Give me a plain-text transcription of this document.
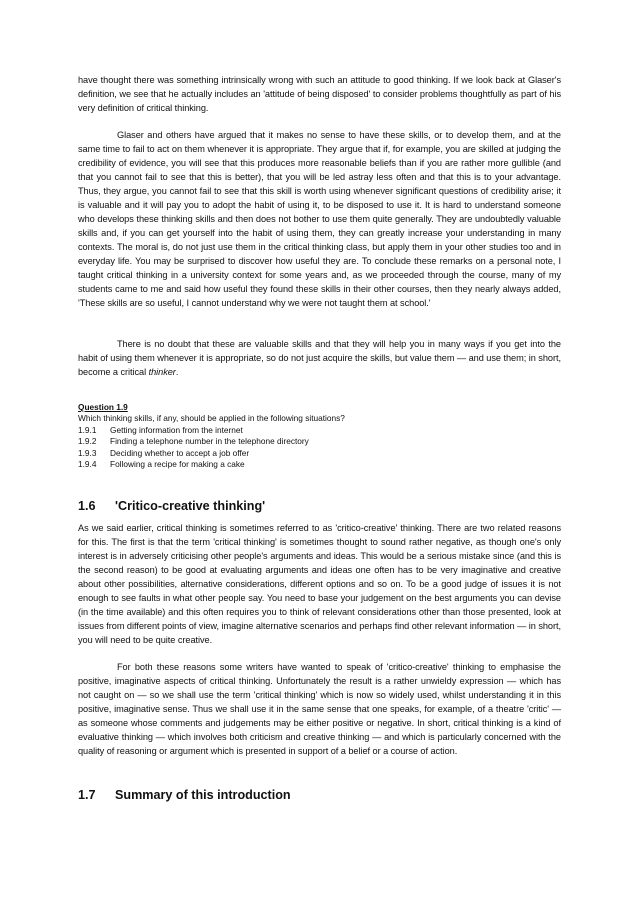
have thought there was something intrinsically wrong with such an attitude to good thinking. If we look back at Glaser's definition, we see that he actually includes an 'attitude of being disposed' to consider problems thoughtfully as part of his very definition of critical thinking.

Glaser and others have argued that it makes no sense to have these skills, or to develop them, and at the same time to fail to act on them whenever it is appropriate. They argue that if, for example, you are skilled at judging the credibility of evidence, you will see that this produces more reasonable beliefs than if you are rather more gullible (and that you cannot fail to see that this is better), that you will be led astray less often and that this is to your advantage. Thus, they argue, you cannot fail to see that this skill is worth using whenever significant questions of credibility arise; it is valuable and it will pay you to adopt the habit of using it, to be disposed to use it. It is hard to understand someone who develops these thinking skills and then does not bother to use them quite generally. They are undoubtedly valuable skills and, if you can get yourself into the habit of using them, they can greatly increase your understanding in many contexts. The moral is, do not just use them in the critical thinking class, but apply them in your other studies too and in everyday life. You may be surprised to discover how useful they are. To conclude these remarks on a personal note, I taught critical thinking in a university context for some years and, as we proceeded through the course, many of my students came to me and said how useful they found these skills in their other courses, then they nearly always added, 'These skills are so useful, I cannot understand why we were not taught them at school.'

There is no doubt that these are valuable skills and that they will help you in many ways if you get into the habit of using them whenever it is appropriate, so do not just acquire the skills, but value them — and use them; in short, become a critical thinker.

Question 1.9
Which thinking skills, if any, should be applied in the following situations?
1.9.1	Getting information from the internet
1.9.2	Finding a telephone number in the telephone directory
1.9.3	Deciding whether to accept a job offer
1.9.4	Following a recipe for making a cake
1.6	'Critico-creative thinking'

As we said earlier, critical thinking is sometimes referred to as 'critico-creative' thinking. There are two related reasons for this. The first is that the term 'critical thinking' is sometimes thought to sound rather negative, as though one's only interest is in adversely criticising other people's arguments and ideas. This would be a serious mistake since (and this is the second reason) to be good at evaluating arguments and ideas one often has to be very imaginative and creative about other possibilities, alternative considerations, different options and so on. To be a good judge of issues it is not enough to see faults in what other people say. You need to base your judgement on the best arguments you can devise (in the time available) and this often requires you to think of relevant considerations other than those presented, look at issues from different points of view, imagine alternative scenarios and perhaps find other relevant information — in short, you will need to be quite creative.

For both these reasons some writers have wanted to speak of 'critico-creative' thinking to emphasise the positive, imaginative aspects of critical thinking. Unfortunately the result is a rather unwieldy expression — which has not caught on — so we shall use the term 'critical thinking' which is now so widely used, whilst understanding it in this positive, imaginative sense. Thus we shall use it in the same sense that one speaks, for example, of a theatre 'critic' — as someone whose comments and judgements may be either positive or negative. In short, critical thinking is a kind of evaluative thinking — which involves both criticism and creative thinking — and which is particularly concerned with the quality of reasoning or argument which is presented in support of a belief or a course of action.

1.7	Summary of this introduction
